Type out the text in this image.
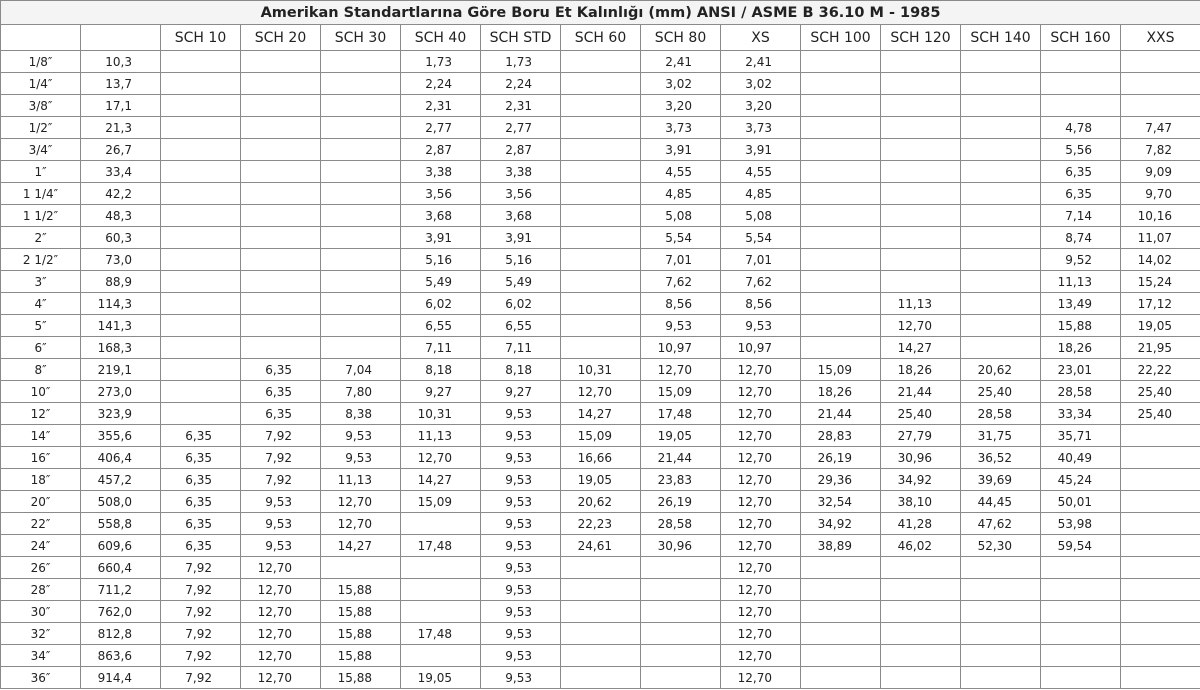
Amerikan Standartlarına Göre Boru Et Kalınlığı (mm) ANSI / ASME B 36.10 M - 1985														
		SCH 10	SCH 20	SCH 30	SCH 40	SCH STD	SCH 60	SCH 80	XS	SCH 100	SCH 120	SCH 140	SCH 160	XXS
1/8″	10,3				1,73	1,73		2,41	2,41					
1/4″	13,7				2,24	2,24		3,02	3,02					
3/8″	17,1				2,31	2,31		3,20	3,20					
1/2″	21,3				2,77	2,77		3,73	3,73				4,78	7,47
3/4″	26,7				2,87	2,87		3,91	3,91				5,56	7,82
1″	33,4				3,38	3,38		4,55	4,55				6,35	9,09
1 1/4″	42,2				3,56	3,56		4,85	4,85				6,35	9,70
1 1/2″	48,3				3,68	3,68		5,08	5,08				7,14	10,16
2″	60,3				3,91	3,91		5,54	5,54				8,74	11,07
2 1/2″	73,0				5,16	5,16		7,01	7,01				9,52	14,02
3″	88,9				5,49	5,49		7,62	7,62				11,13	15,24
4″	114,3				6,02	6,02		8,56	8,56		11,13		13,49	17,12
5″	141,3				6,55	6,55		9,53	9,53		12,70		15,88	19,05
6″	168,3				7,11	7,11		10,97	10,97		14,27		18,26	21,95
8″	219,1		6,35	7,04	8,18	8,18	10,31	12,70	12,70	15,09	18,26	20,62	23,01	22,22
10″	273,0		6,35	7,80	9,27	9,27	12,70	15,09	12,70	18,26	21,44	25,40	28,58	25,40
12″	323,9		6,35	8,38	10,31	9,53	14,27	17,48	12,70	21,44	25,40	28,58	33,34	25,40
14″	355,6	6,35	7,92	9,53	11,13	9,53	15,09	19,05	12,70	28,83	27,79	31,75	35,71	
16″	406,4	6,35	7,92	9,53	12,70	9,53	16,66	21,44	12,70	26,19	30,96	36,52	40,49	
18″	457,2	6,35	7,92	11,13	14,27	9,53	19,05	23,83	12,70	29,36	34,92	39,69	45,24	
20″	508,0	6,35	9,53	12,70	15,09	9,53	20,62	26,19	12,70	32,54	38,10	44,45	50,01	
22″	558,8	6,35	9,53	12,70		9,53	22,23	28,58	12,70	34,92	41,28	47,62	53,98	
24″	609,6	6,35	9,53	14,27	17,48	9,53	24,61	30,96	12,70	38,89	46,02	52,30	59,54	
26″	660,4	7,92	12,70			9,53			12,70					
28″	711,2	7,92	12,70	15,88		9,53			12,70					
30″	762,0	7,92	12,70	15,88		9,53			12,70					
32″	812,8	7,92	12,70	15,88	17,48	9,53			12,70					
34″	863,6	7,92	12,70	15,88		9,53			12,70					
36″	914,4	7,92	12,70	15,88	19,05	9,53			12,70					
